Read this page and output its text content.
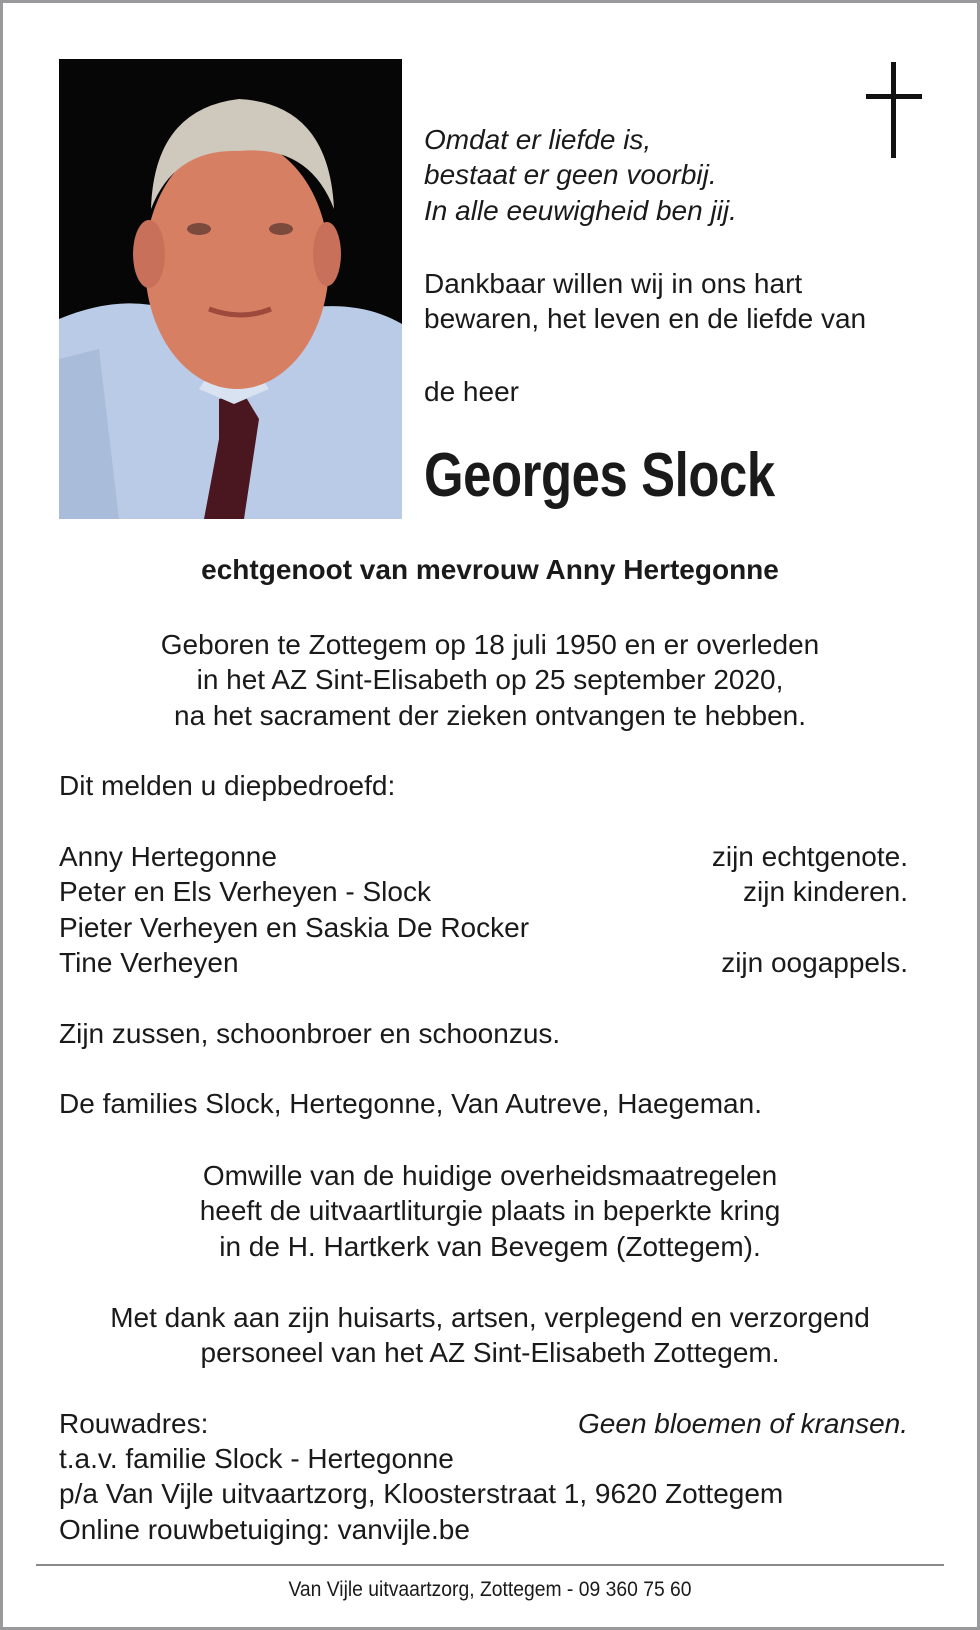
Omdat er liefde is,
bestaat er geen voorbij.
In alle eeuwigheid ben jij.
Dankbaar willen wij in ons hart
bewaren, het leven en de liefde van
de heer
Georges Slock
echtgenoot van mevrouw Anny Hertegonne
Geboren te Zottegem op 18 juli 1950 en er overleden
in het AZ Sint-Elisabeth op 25 september 2020,
na het sacrament der zieken ontvangen te hebben.
Dit melden u diepbedroefd:
Anny Hertegonne	zijn echtgenote.
Peter en Els Verheyen - Slock	zijn kinderen.
Pieter Verheyen en Saskia De Rocker
Tine Verheyen	zijn oogappels.
Zijn zussen, schoonbroer en schoonzus.
De families Slock, Hertegonne, Van Autreve, Haegeman.
Omwille van de huidige overheidsmaatregelen
heeft de uitvaartliturgie plaats in beperkte kring
in de H. Hartkerk van Bevegem (Zottegem).
Met dank aan zijn huisarts, artsen, verplegend en verzorgend
personeel van het AZ Sint-Elisabeth Zottegem.
Rouwadres:	Geen bloemen of kransen.
t.a.v. familie Slock - Hertegonne
p/a Van Vijle uitvaartzorg, Kloosterstraat 1, 9620 Zottegem
Online rouwbetuiging: vanvijle.be
Van Vijle uitvaartzorg, Zottegem - 09 360 75 60
